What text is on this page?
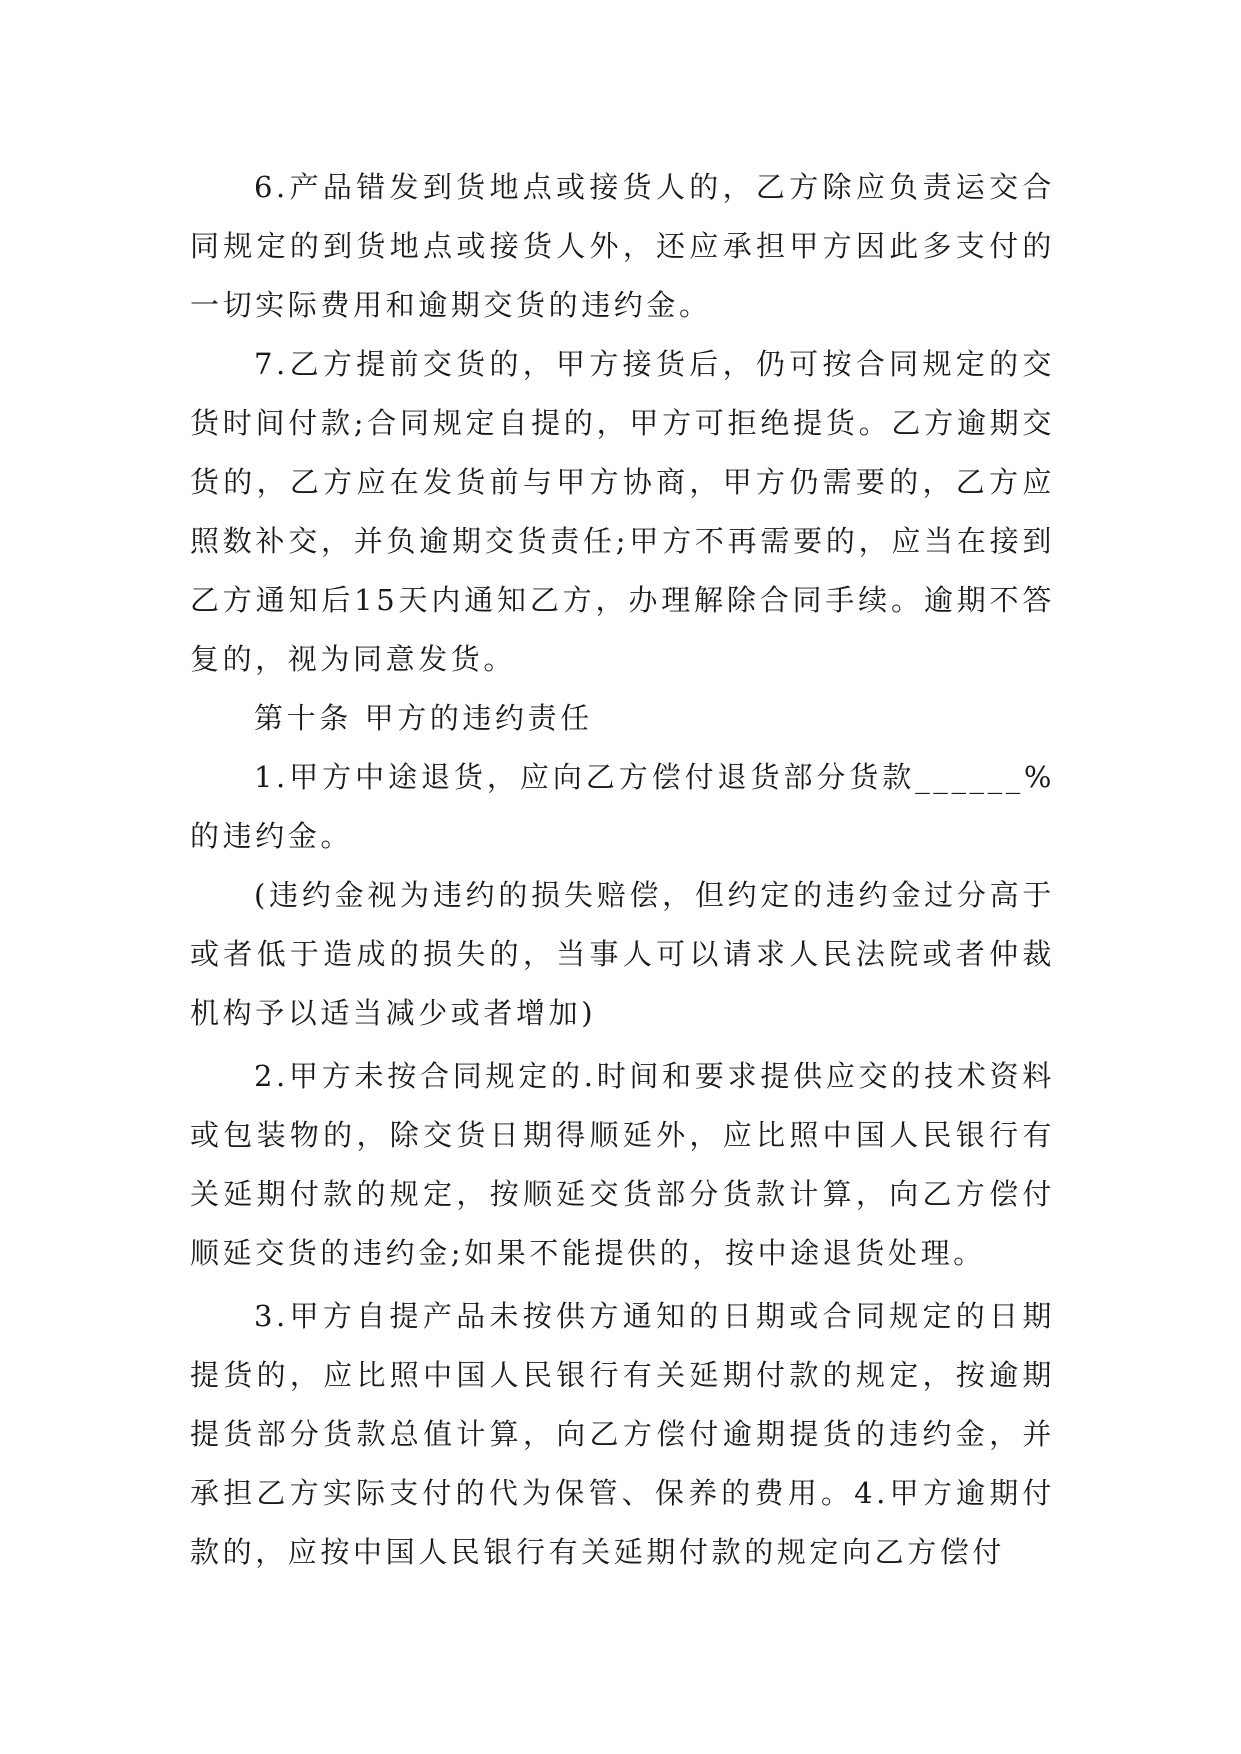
6.产品错发到货地点或接货人的，乙方除应负责运交合同规定的到货地点或接货人外，还应承担甲方因此多支付的一切实际费用和逾期交货的违约金。

7.乙方提前交货的，甲方接货后，仍可按合同规定的交货时间付款;合同规定自提的，甲方可拒绝提货。乙方逾期交货的，乙方应在发货前与甲方协商，甲方仍需要的，乙方应照数补交，并负逾期交货责任;甲方不再需要的，应当在接到乙方通知后15天内通知乙方，办理解除合同手续。逾期不答复的，视为同意发货。

第十条 甲方的违约责任

1.甲方中途退货，应向乙方偿付退货部分货款______%的违约金。

(违约金视为违约的损失赔偿，但约定的违约金过分高于或者低于造成的损失的，当事人可以请求人民法院或者仲裁机构予以适当减少或者增加)

2.甲方未按合同规定的.时间和要求提供应交的技术资料或包装物的，除交货日期得顺延外，应比照中国人民银行有关延期付款的规定，按顺延交货部分货款计算，向乙方偿付顺延交货的违约金;如果不能提供的，按中途退货处理。

3.甲方自提产品未按供方通知的日期或合同规定的日期提货的，应比照中国人民银行有关延期付款的规定，按逾期提货部分货款总值计算，向乙方偿付逾期提货的违约金，并承担乙方实际支付的代为保管、保养的费用。4.甲方逾期付款的，应按中国人民银行有关延期付款的规定向乙方偿付
